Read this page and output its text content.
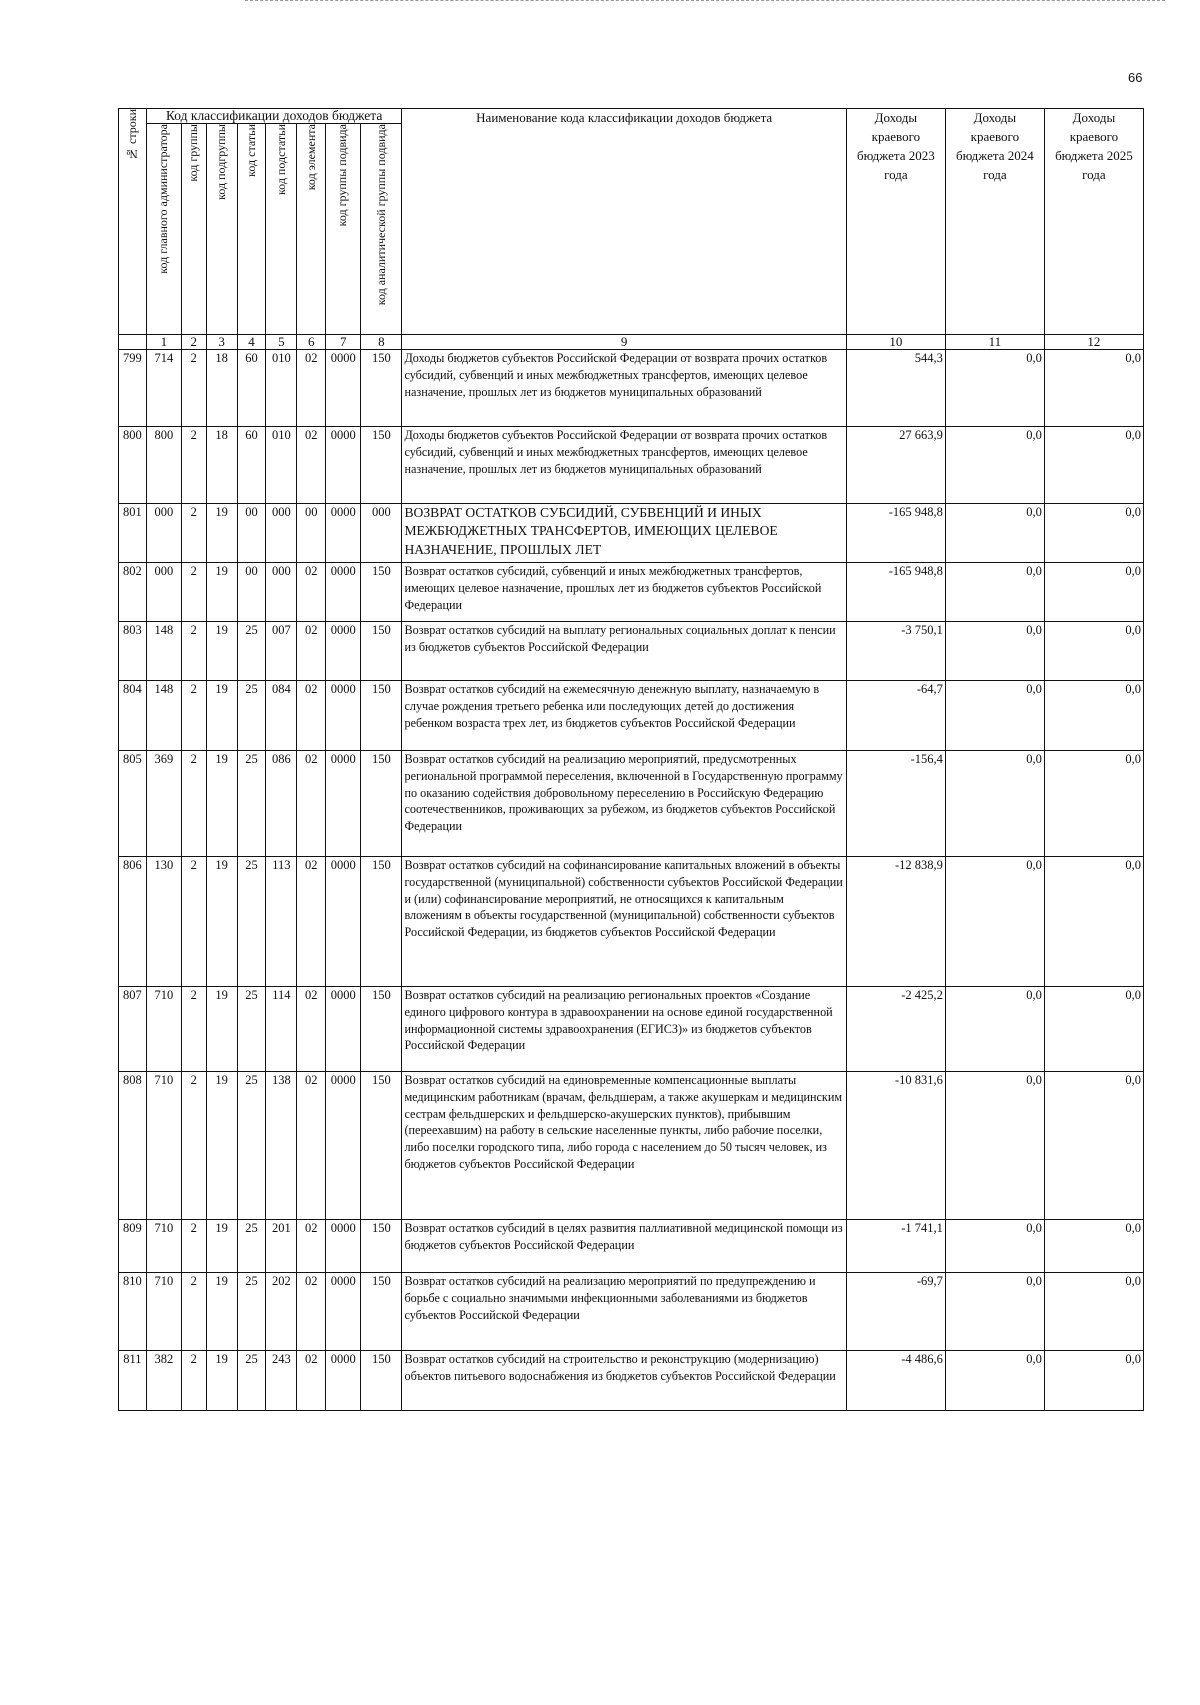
66
№ строки	Код классификации доходов бюджета								Наименование кода классификации доходов бюджета	Доходы краевого бюджета 2023 года	Доходы краевого бюджета 2024 года	Доходы краевого бюджета 2025 года
	код главного администратора	код группы	код подгруппы	код статьи	код подстатьи	код элемента	код группы подвида	код аналитической группы подвида				
	1	2	3	4	5	6	7	8	9	10	11	12
799	714	2	18	60	010	02	0000	150	Доходы бюджетов субъектов Российской Федерации от возврата прочих остатков субсидий, субвенций и иных межбюджетных трансфертов, имеющих целевое назначение, прошлых лет из бюджетов муниципальных образований	544,3	0,0	0,0
800	800	2	18	60	010	02	0000	150	Доходы бюджетов субъектов Российской Федерации от возврата прочих остатков субсидий, субвенций и иных межбюджетных трансфертов, имеющих целевое назначение, прошлых лет из бюджетов муниципальных образований	27 663,9	0,0	0,0
801	000	2	19	00	000	00	0000	000	ВОЗВРАТ ОСТАТКОВ СУБСИДИЙ, СУБВЕНЦИЙ И ИНЫХ МЕЖБЮДЖЕТНЫХ ТРАНСФЕРТОВ, ИМЕЮЩИХ ЦЕЛЕВОЕ НАЗНАЧЕНИЕ, ПРОШЛЫХ ЛЕТ	-165 948,8	0,0	0,0
802	000	2	19	00	000	02	0000	150	Возврат остатков субсидий, субвенций и иных межбюджетных трансфертов, имеющих целевое назначение, прошлых лет из бюджетов субъектов Российской Федерации	-165 948,8	0,0	0,0
803	148	2	19	25	007	02	0000	150	Возврат остатков субсидий на выплату региональных социальных доплат к пенсии из бюджетов субъектов Российской Федерации	-3 750,1	0,0	0,0
804	148	2	19	25	084	02	0000	150	Возврат остатков субсидий на ежемесячную денежную выплату, назначаемую в случае рождения третьего ребенка или последующих детей до достижения ребенком возраста трех лет, из бюджетов субъектов Российской Федерации	-64,7	0,0	0,0
805	369	2	19	25	086	02	0000	150	Возврат остатков субсидий на реализацию мероприятий, предусмотренных региональной программой переселения, включенной в Государственную программу по оказанию содействия добровольному переселению в Российскую Федерацию соотечественников, проживающих за рубежом, из бюджетов субъектов Российской Федерации	-156,4	0,0	0,0
806	130	2	19	25	113	02	0000	150	Возврат остатков субсидий на софинансирование капитальных вложений в объекты государственной (муниципальной) собственности субъектов Российской Федерации и (или) софинансирование мероприятий, не относящихся к капитальным вложениям в объекты государственной (муниципальной) собственности субъектов Российской Федерации, из бюджетов субъектов Российской Федерации	-12 838,9	0,0	0,0
807	710	2	19	25	114	02	0000	150	Возврат остатков субсидий на реализацию региональных проектов «Создание единого цифрового контура в здравоохранении на основе единой государственной информационной системы здравоохранения (ЕГИСЗ)» из бюджетов субъектов Российской Федерации	-2 425,2	0,0	0,0
808	710	2	19	25	138	02	0000	150	Возврат остатков субсидий на единовременные компенсационные выплаты медицинским работникам (врачам, фельдшерам, а также акушеркам и медицинским сестрам фельдшерских и фельдшерско-акушерских пунктов), прибывшим (переехавшим) на работу в сельские населенные пункты, либо рабочие поселки, либо поселки городского типа, либо города с населением до 50 тысяч человек, из бюджетов субъектов Российской Федерации	-10 831,6	0,0	0,0
809	710	2	19	25	201	02	0000	150	Возврат остатков субсидий в целях развития паллиативной медицинской помощи из бюджетов субъектов Российской Федерации	-1 741,1	0,0	0,0
810	710	2	19	25	202	02	0000	150	Возврат остатков субсидий на реализацию мероприятий по предупреждению и борьбе с социально значимыми инфекционными заболеваниями из бюджетов субъектов Российской Федерации	-69,7	0,0	0,0
811	382	2	19	25	243	02	0000	150	Возврат остатков субсидий на строительство и реконструкцию (модернизацию) объектов питьевого водоснабжения из бюджетов субъектов Российской Федерации	-4 486,6	0,0	0,0
